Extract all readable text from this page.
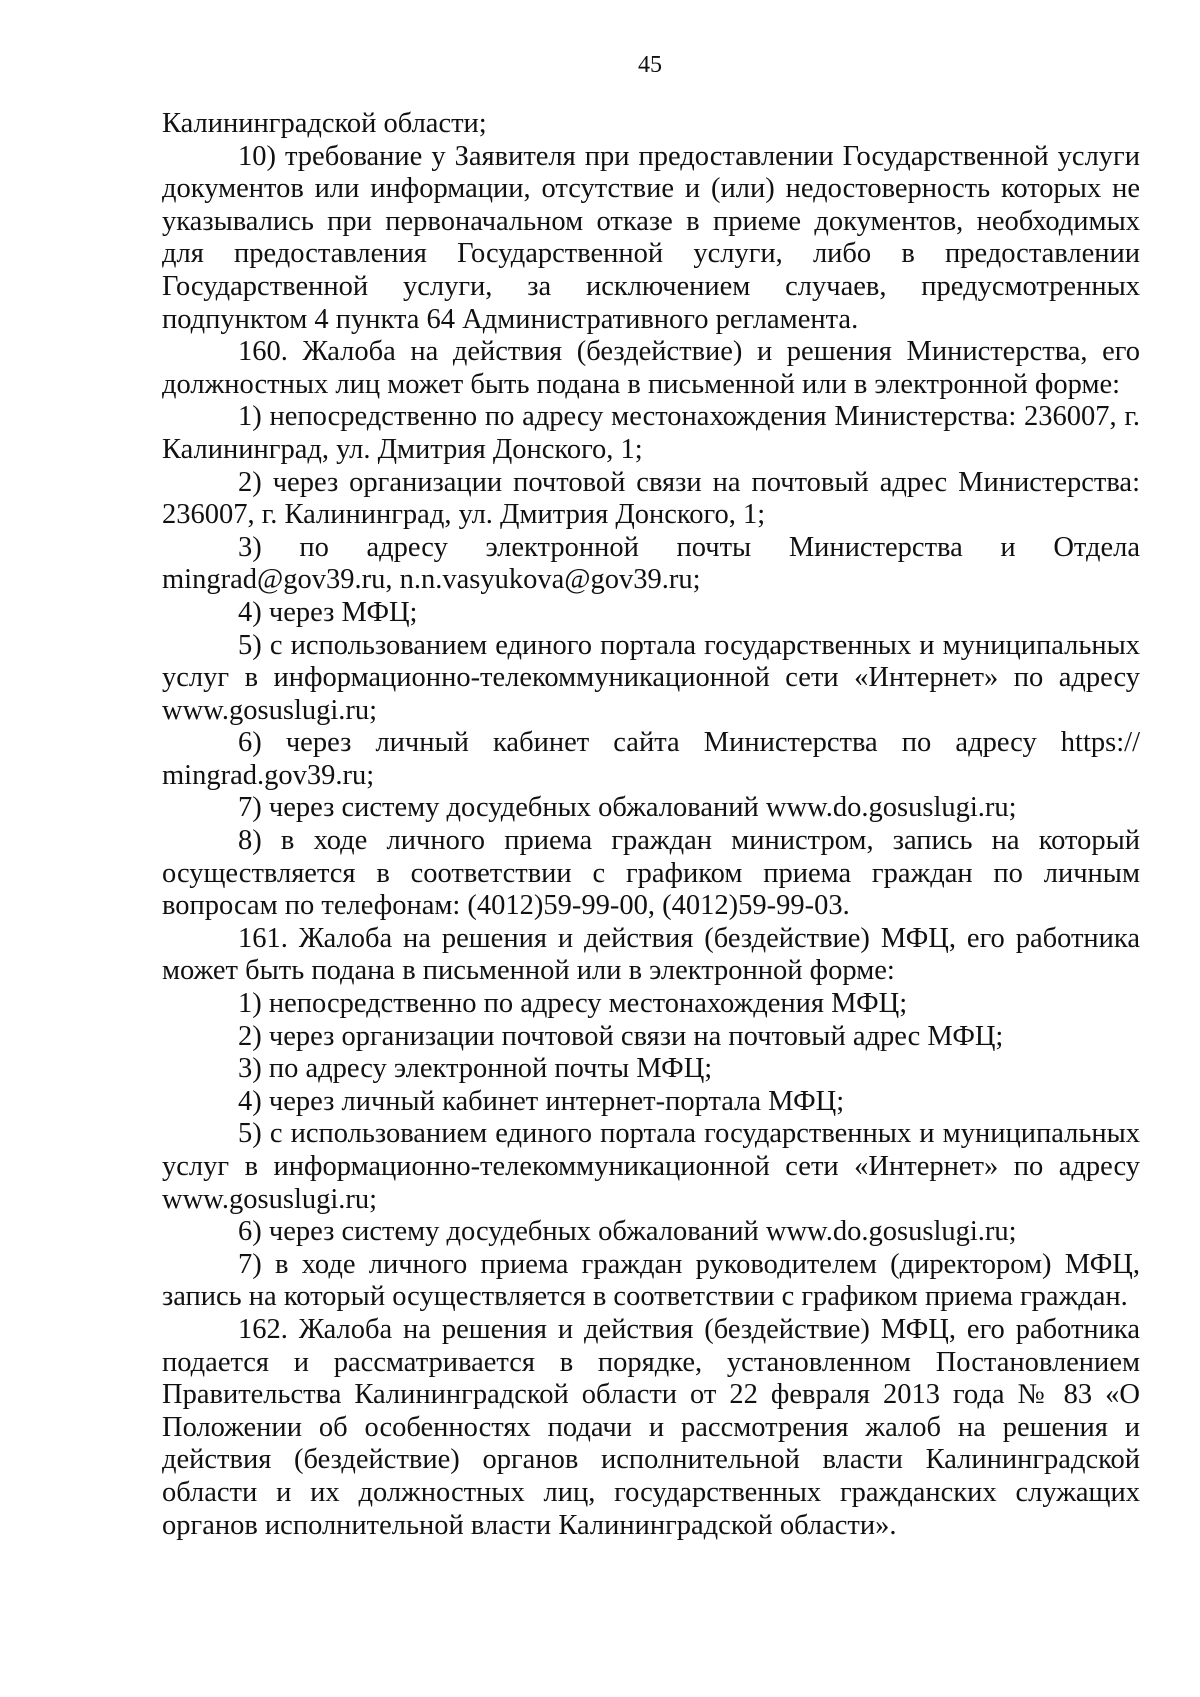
45

Калининградской области;

10) требование у Заявителя при предоставлении Государственной услуги документов или информации, отсутствие и (или) недостоверность которых не указывались при первоначальном отказе в приеме документов, необходимых для предоставления Государственной услуги, либо в предоставлении Государственной услуги, за исключением случаев, предусмотренных подпунктом 4 пункта 64 Административного регламента.

160. Жалоба на действия (бездействие) и решения Министерства, его должностных лиц может быть подана в письменной или в электронной форме:

1) непосредственно по адресу местонахождения Министерства: 236007, г. Калининград, ул. Дмитрия Донского, 1;

2) через организации почтовой связи на почтовый адрес Министерства: 236007, г. Калининград, ул. Дмитрия Донского, 1;

3) по адресу электронной почты Министерства и Отдела mingrad@gov39.ru, n.n.vasyukova@gov39.ru;

4) через МФЦ;

5) с использованием единого портала государственных и муниципальных услуг в информационно-телекоммуникационной сети «Интернет» по адресу www.gosuslugi.ru;

6) через личный кабинет сайта Министерства по адресу https:// mingrad.gov39.ru;

7) через систему досудебных обжалований www.do.gosuslugi.ru;

8) в ходе личного приема граждан министром, запись на который осуществляется в соответствии с графиком приема граждан по личным вопросам по телефонам: (4012)59-99-00, (4012)59-99-03.

161. Жалоба на решения и действия (бездействие) МФЦ, его работника может быть подана в письменной или в электронной форме:

1) непосредственно по адресу местонахождения МФЦ;

2) через организации почтовой связи на почтовый адрес МФЦ;

3) по адресу электронной почты МФЦ;

4) через личный кабинет интернет-портала МФЦ;

5) с использованием единого портала государственных и муниципальных услуг в информационно-телекоммуникационной сети «Интернет» по адресу www.gosuslugi.ru;

6) через систему досудебных обжалований www.do.gosuslugi.ru;

7) в ходе личного приема граждан руководителем (директором) МФЦ, запись на который осуществляется в соответствии с графиком приема граждан.

162. Жалоба на решения и действия (бездействие) МФЦ, его работника подается и рассматривается в порядке, установленном Постановлением Правительства Калининградской области от 22 февраля 2013 года № 83 «О Положении об особенностях подачи и рассмотрения жалоб на решения и действия (бездействие) органов исполнительной власти Калининградской области и их должностных лиц, государственных гражданских служащих органов исполнительной власти Калининградской области».
